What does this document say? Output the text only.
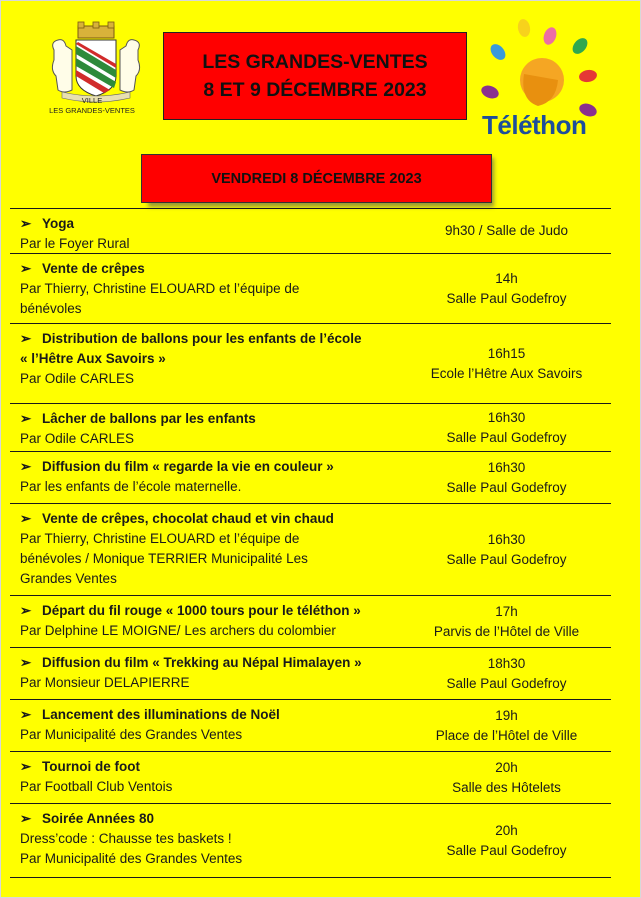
VILLE
LES GRANDES-VENTES
LES GRANDES-VENTES
8 ET 9 DÉCEMBRE 2023
Téléthon
VENDREDI 8 DÉCEMBRE 2023
➢ Yoga
Par le Foyer Rural
9h30 / Salle de Judo
➢ Vente de crêpes
Par Thierry, Christine ELOUARD et l’équipe de
bénévoles
14h
Salle Paul Godefroy
➢ Distribution de ballons pour les enfants de l’école
« l’Hêtre Aux Savoirs »
Par Odile CARLES
16h15
Ecole l’Hêtre Aux Savoirs
➢ Lâcher de ballons par les enfants
Par Odile CARLES
16h30
Salle Paul Godefroy
➢ Diffusion du film « regarde la vie en couleur »
Par les enfants de l’école maternelle.
16h30
Salle Paul Godefroy
➢ Vente de crêpes, chocolat chaud et vin chaud
Par Thierry, Christine ELOUARD et l’équipe de
bénévoles / Monique TERRIER Municipalité Les
Grandes Ventes
16h30
Salle Paul Godefroy
➢ Départ du fil rouge « 1000 tours pour le téléthon »
Par Delphine LE MOIGNE/ Les archers du colombier
17h
Parvis de l’Hôtel de Ville
➢ Diffusion du film « Trekking au Népal Himalayen »
Par Monsieur DELAPIERRE
18h30
Salle Paul Godefroy
➢ Lancement des illuminations de Noël
Par Municipalité des Grandes Ventes
19h
Place de l’Hôtel de Ville
➢ Tournoi de foot
Par Football Club Ventois
20h
Salle des Hôtelets
➢ Soirée Années 80
Dress’code : Chausse tes baskets !
Par Municipalité des Grandes Ventes
20h
Salle Paul Godefroy
